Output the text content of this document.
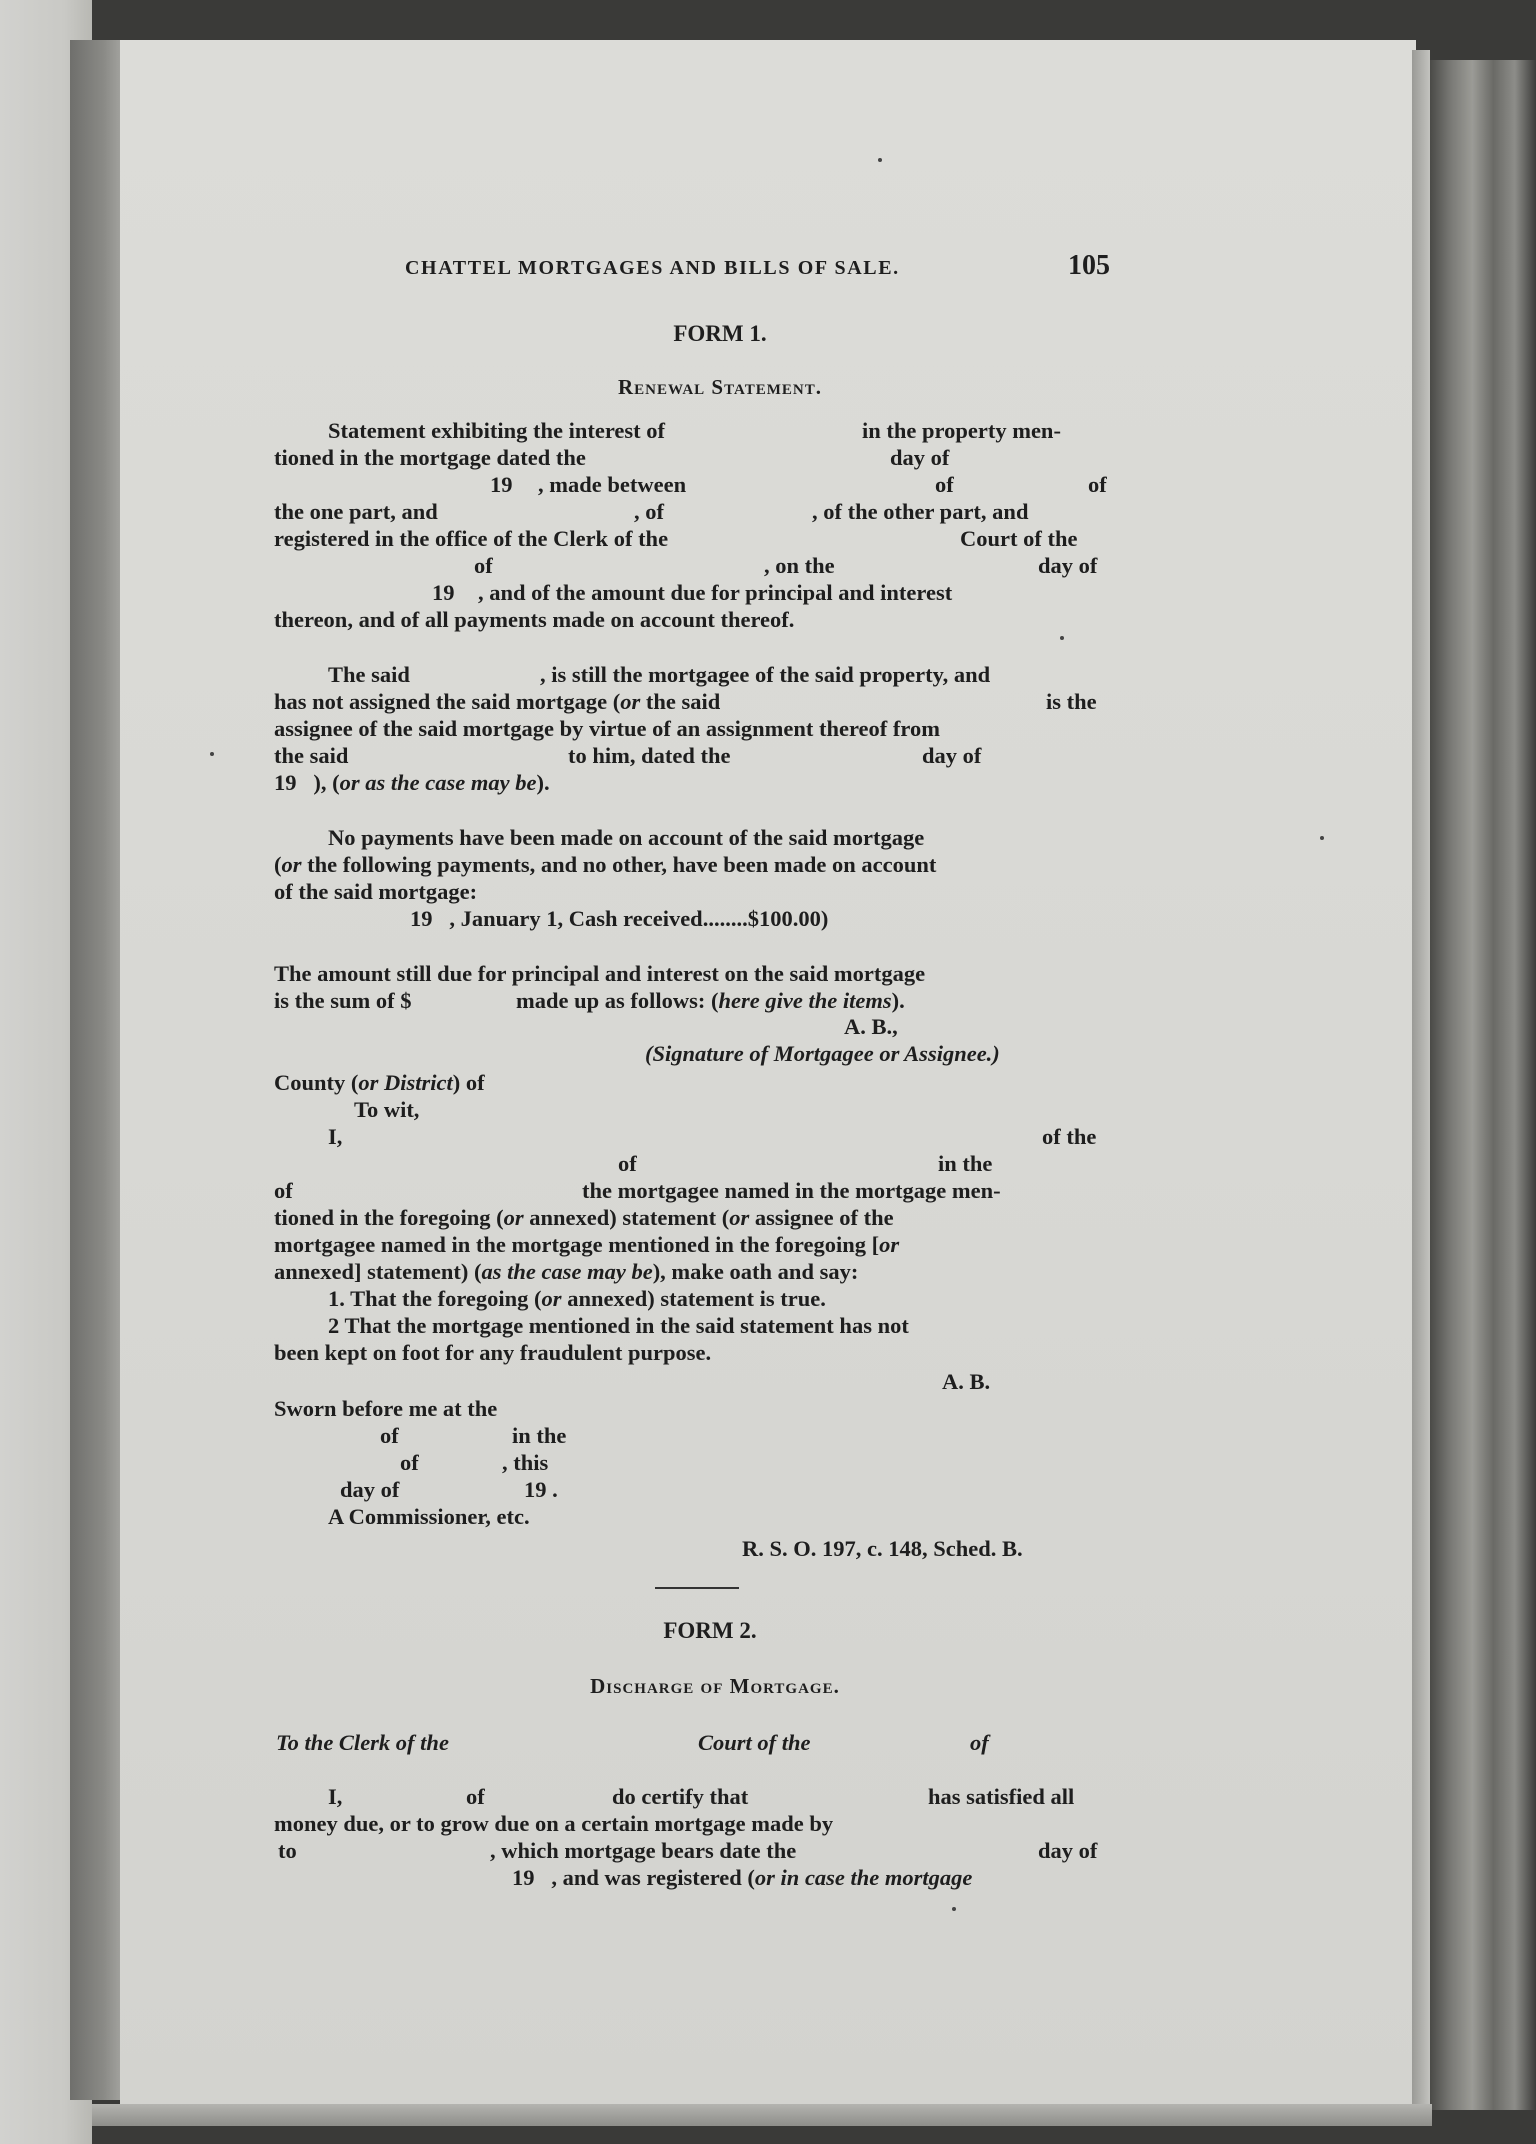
CHATTEL MORTGAGES AND BILLS OF SALE.	105
FORM 1.
Renewal Statement.
Statement exhibiting the interest of	in the property men-
tioned in the mortgage dated the	day of
19 , made between	of	of
the one part, and	, of	, of the other part, and
registered in the office of the Clerk of the	Court of the
of	, on the	day of
19 , and of the amount due for principal and interest
thereon, and of all payments made on account thereof.
The said	, is still the mortgagee of the said property, and
has not assigned the said mortgage (or the said	is the
assignee of the said mortgage by virtue of an assignment thereof from
the said	to him, dated the	day of
19 ), (or as the case may be).
No payments have been made on account of the said mortgage
(or the following payments, and no other, have been made on account
of the said mortgage:
19 , January 1, Cash received........$100.00)
The amount still due for principal and interest on the said mortgage
is the sum of $	made up as follows: (here give the items).
A. B.,
(Signature of Mortgagee or Assignee.)
County (or District) of
To wit,
I,	of the
of	in the
of	the mortgagee named in the mortgage men-
tioned in the foregoing (or annexed) statement (or assignee of the
mortgagee named in the mortgage mentioned in the foregoing [or
annexed] statement) (as the case may be), make oath and say:
1. That the foregoing (or annexed) statement is true.
2 That the mortgage mentioned in the said statement has not
been kept on foot for any fraudulent purpose.
A. B.
Sworn before me at the
of	in the
of	, this
day of	19 .
A Commissioner, etc.
R. S. O. 197, c. 148, Sched. B.
FORM 2.
Discharge of Mortgage.
To the Clerk of the	Court of the	of
I,	of	do certify that	has satisfied all
money due, or to grow due on a certain mortgage made by
to	, which mortgage bears date the	day of
19 , and was registered (or in case the mortgage
